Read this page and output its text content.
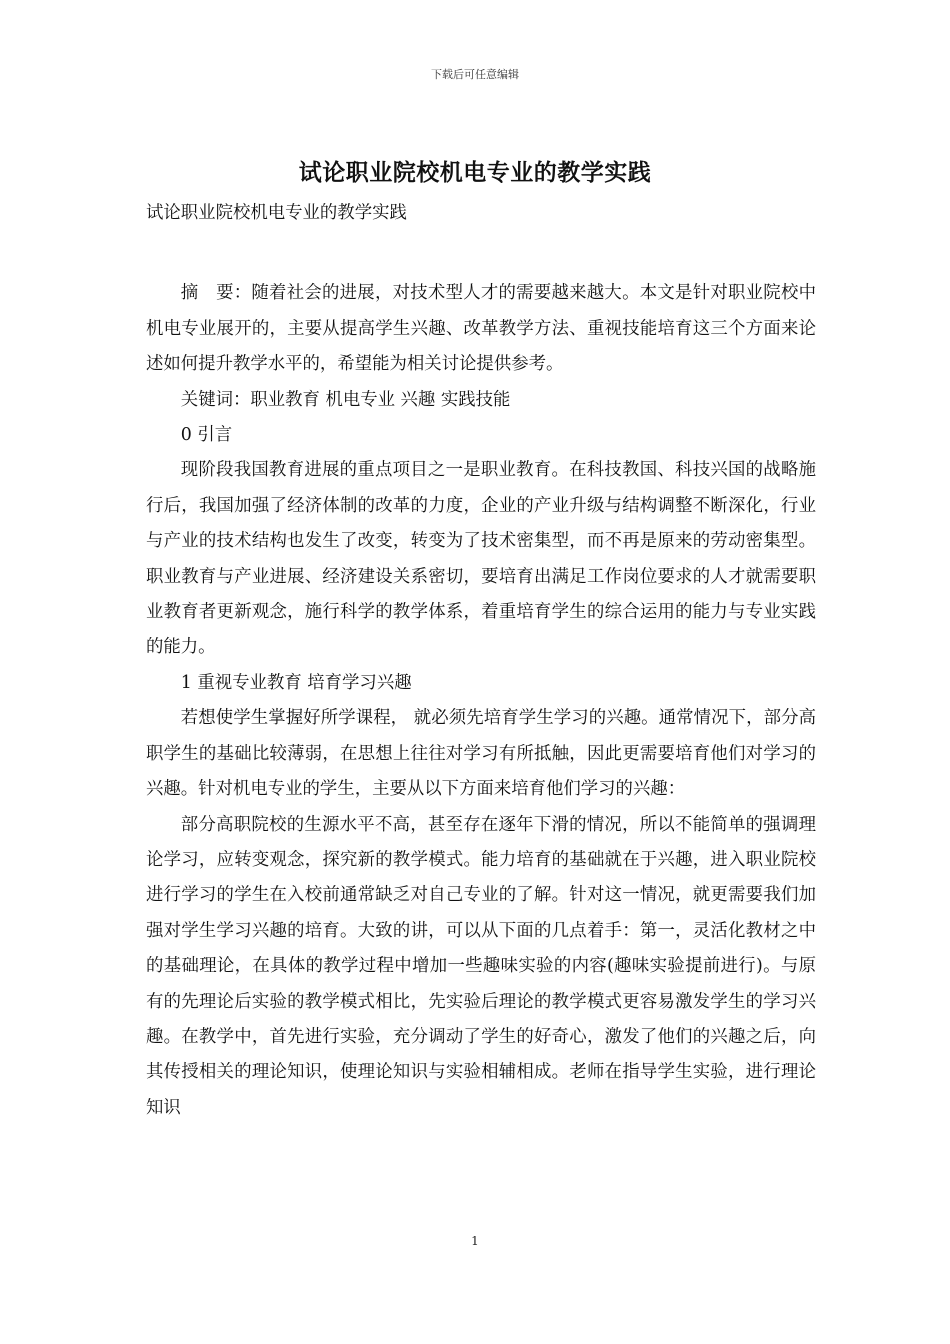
下载后可任意编辑
试论职业院校机电专业的教学实践

试论职业院校机电专业的教学实践

摘　要：随着社会的进展，对技术型人才的需要越来越大。本文是针对职业院校中机电专业展开的，主要从提高学生兴趣、改革教学方法、重视技能培育这三个方面来论述如何提升教学水平的，希望能为相关讨论提供参考。

关键词：职业教育 机电专业 兴趣 实践技能

0 引言

现阶段我国教育进展的重点项目之一是职业教育。在科技教国、科技兴国的战略施行后，我国加强了经济体制的改革的力度，企业的产业升级与结构调整不断深化，行业与产业的技术结构也发生了改变，转变为了技术密集型，而不再是原来的劳动密集型。职业教育与产业进展、经济建设关系密切，要培育出满足工作岗位要求的人才就需要职业教育者更新观念，施行科学的教学体系，着重培育学生的综合运用的能力与专业实践的能力。

1 重视专业教育 培育学习兴趣

若想使学生掌握好所学课程， 就必须先培育学生学习的兴趣。通常情况下，部分高职学生的基础比较薄弱，在思想上往往对学习有所抵触，因此更需要培育他们对学习的兴趣。针对机电专业的学生，主要从以下方面来培育他们学习的兴趣：

部分高职院校的生源水平不高，甚至存在逐年下滑的情况，所以不能简单的强调理论学习，应转变观念，探究新的教学模式。能力培育的基础就在于兴趣，进入职业院校进行学习的学生在入校前通常缺乏对自己专业的了解。针对这一情况，就更需要我们加强对学生学习兴趣的培育。大致的讲，可以从下面的几点着手：第一，灵活化教材之中的基础理论，在具体的教学过程中增加一些趣味实验的内容(趣味实验提前进行)。与原有的先理论后实验的教学模式相比，先实验后理论的教学模式更容易激发学生的学习兴趣。在教学中，首先进行实验，充分调动了学生的好奇心，激发了他们的兴趣之后，向其传授相关的理论知识，使理论知识与实验相辅相成。老师在指导学生实验，进行理论知识

1
